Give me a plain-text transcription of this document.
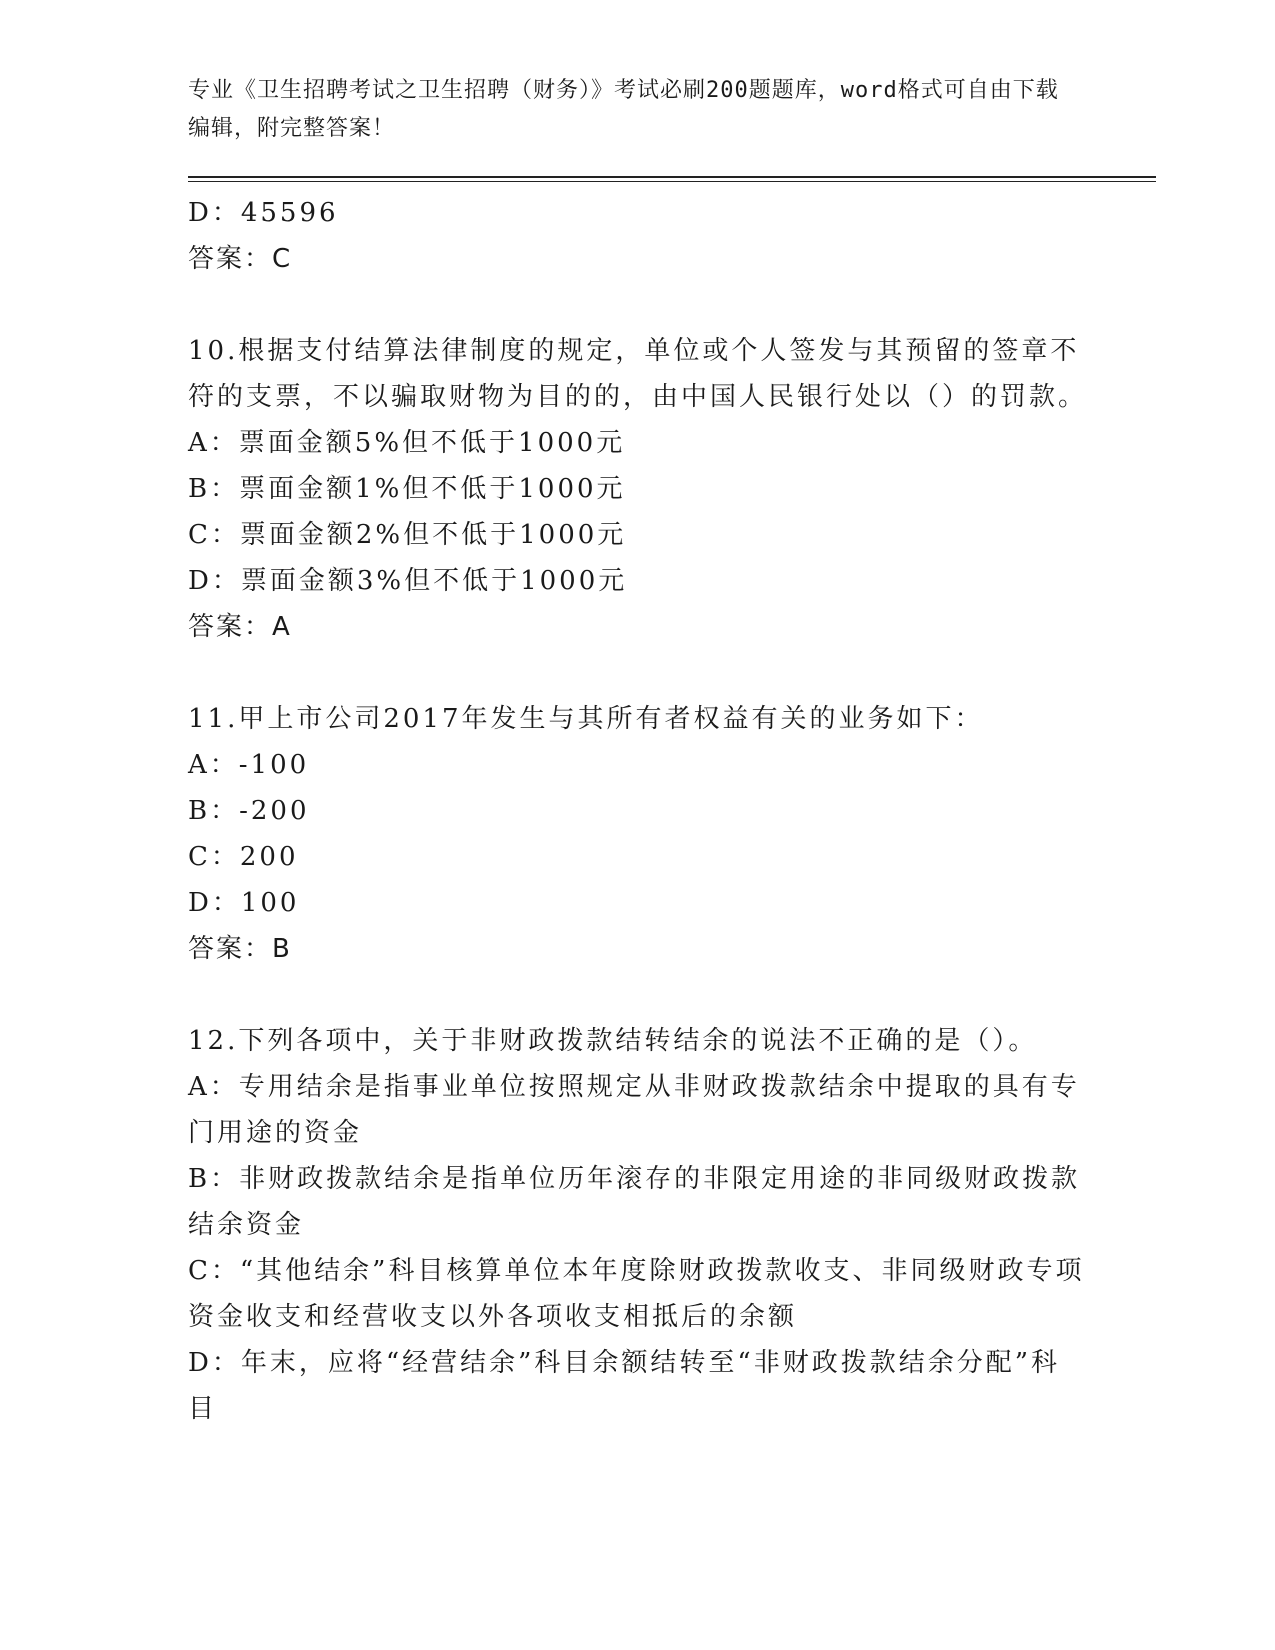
专业《卫生招聘考试之卫生招聘（财务）》考试必刷200题题库，word格式可自由下载编辑，附完整答案！

D：45596

答案：C

10.根据支付结算法律制度的规定，单位或个人签发与其预留的签章不符的支票，不以骗取财物为目的的，由中国人民银行处以（）的罚款。

A：票面金额5%但不低于1000元

B：票面金额1%但不低于1000元

C：票面金额2%但不低于1000元

D：票面金额3%但不低于1000元

答案：A

11.甲上市公司2017年发生与其所有者权益有关的业务如下：

A：-100

B：-200

C：200

D：100

答案：B

12.下列各项中，关于非财政拨款结转结余的说法不正确的是（）。

A：专用结余是指事业单位按照规定从非财政拨款结余中提取的具有专门用途的资金

B：非财政拨款结余是指单位历年滚存的非限定用途的非同级财政拨款结余资金

C：“其他结余”科目核算单位本年度除财政拨款收支、非同级财政专项资金收支和经营收支以外各项收支相抵后的余额

D：年末，应将“经营结余”科目余额结转至“非财政拨款结余分配”科目
